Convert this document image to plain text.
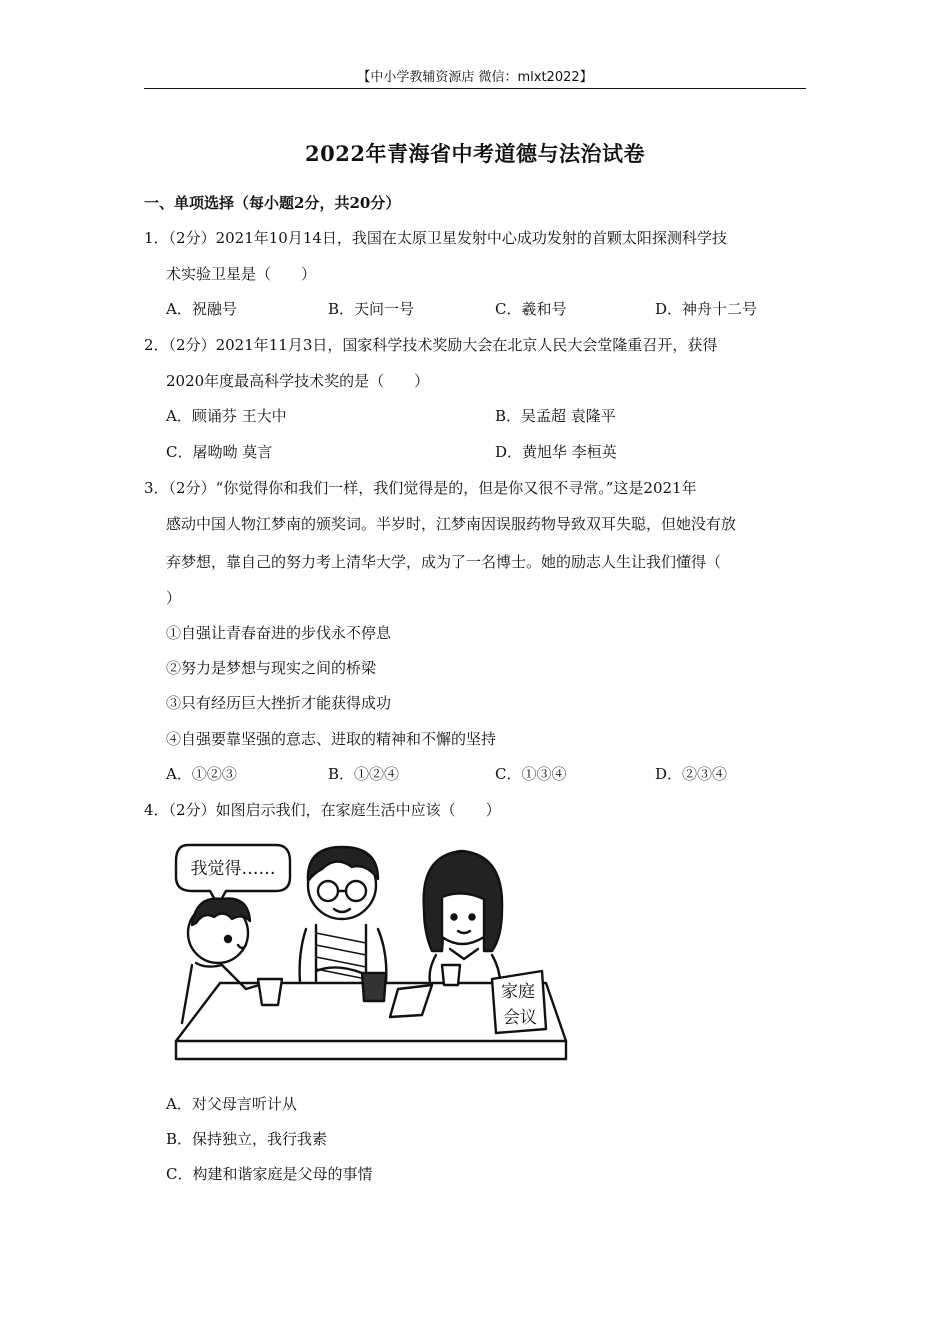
【中小学教辅资源店 微信：mlxt2022】
2022年青海省中考道德与法治试卷
一、单项选择（每小题2分，共20分）
1．（2分）2021年10月14日，我国在太原卫星发射中心成功发射的首颗太阳探测科学技
术实验卫星是（　　）
A．祝融号	B．天问一号	C．羲和号	D．神舟十二号
2．（2分）2021年11月3日，国家科学技术奖励大会在北京人民大会堂隆重召开，获得
2020年度最高科学技术奖的是（　　）
A．顾诵芬 王大中	B．吴孟超 袁隆平
C．屠呦呦 莫言	D．黄旭华 李桓英
3．（2分）“你觉得你和我们一样，我们觉得是的，但是你又很不寻常。”这是2021年
感动中国人物江梦南的颁奖词。半岁时，江梦南因误服药物导致双耳失聪，但她没有放
弃梦想，靠自己的努力考上清华大学，成为了一名博士。她的励志人生让我们懂得（
）
①自强让青春奋进的步伐永不停息
②努力是梦想与现实之间的桥梁
③只有经历巨大挫折才能获得成功
④自强要靠坚强的意志、进取的精神和不懈的坚持
A．①②③	B．①②④	C．①③④	D．②③④
4．（2分）如图启示我们，在家庭生活中应该（　　）
我觉得……
家庭
会议
A．对父母言听计从
B．保持独立，我行我素
C．构建和谐家庭是父母的事情
